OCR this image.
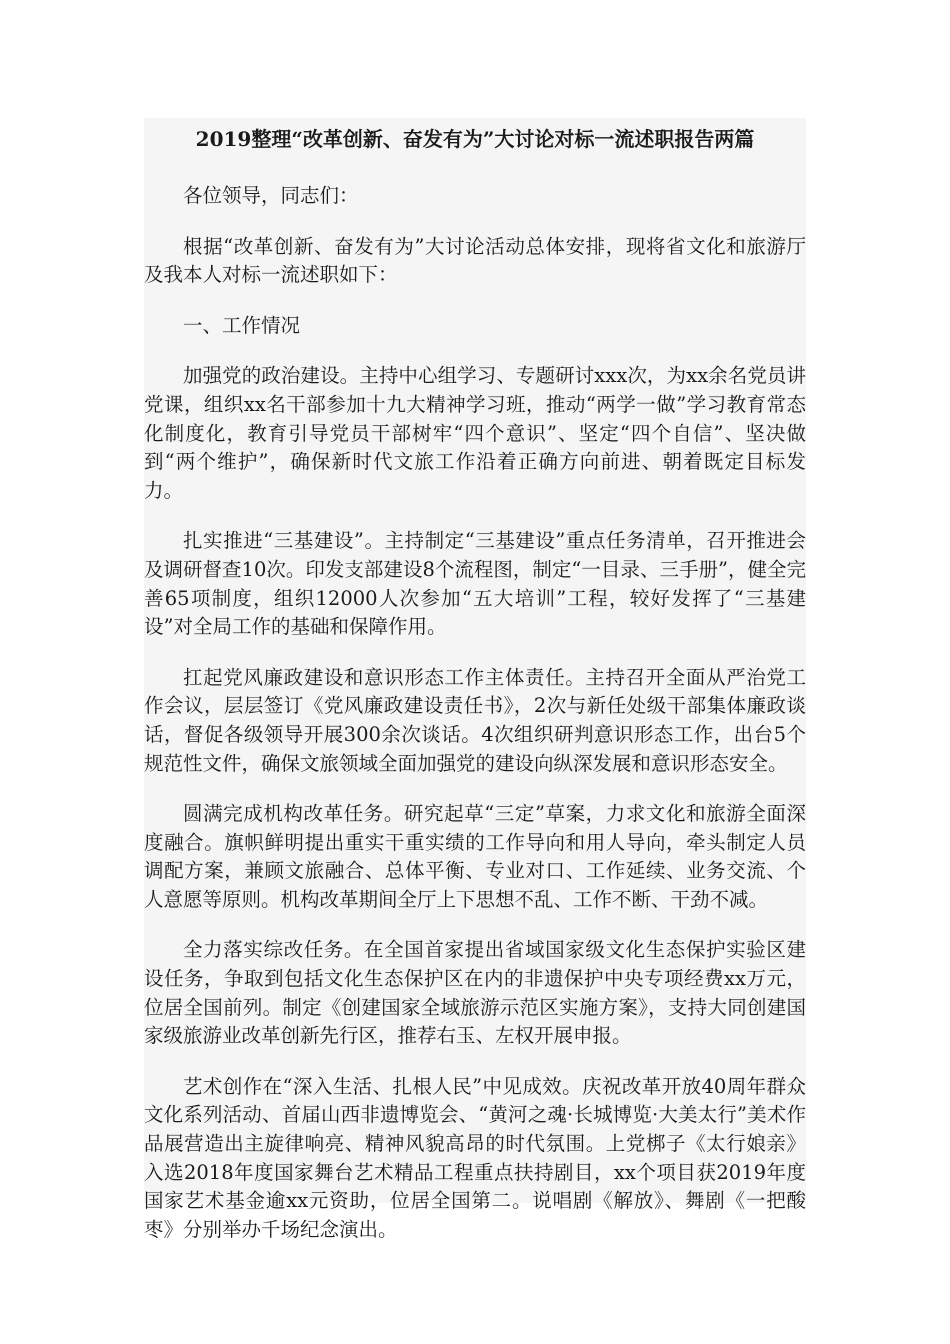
2019整理“改革创新、奋发有为”大讨论对标一流述职报告两篇

各位领导，同志们：

根据“改革创新、奋发有为”大讨论活动总体安排，现将省文化和旅游厅及我本人对标一流述职如下：

一、工作情况

加强党的政治建设。主持中心组学习、专题研讨xxx次，为xx余名党员讲党课，组织xx名干部参加十九大精神学习班，推动“两学一做”学习教育常态化制度化，教育引导党员干部树牢“四个意识”、坚定“四个自信”、坚决做到“两个维护”，确保新时代文旅工作沿着正确方向前进、朝着既定目标发力。

扎实推进“三基建设”。主持制定“三基建设”重点任务清单，召开推进会及调研督查10次。印发支部建设8个流程图，制定“一目录、三手册”，健全完善65项制度，组织12000人次参加“五大培训”工程，较好发挥了“三基建设”对全局工作的基础和保障作用。

扛起党风廉政建设和意识形态工作主体责任。主持召开全面从严治党工作会议，层层签订《党风廉政建设责任书》，2次与新任处级干部集体廉政谈话，督促各级领导开展300余次谈话。4次组织研判意识形态工作，出台5个规范性文件，确保文旅领域全面加强党的建设向纵深发展和意识形态安全。

圆满完成机构改革任务。研究起草“三定”草案，力求文化和旅游全面深度融合。旗帜鲜明提出重实干重实绩的工作导向和用人导向，牵头制定人员调配方案，兼顾文旅融合、总体平衡、专业对口、工作延续、业务交流、个人意愿等原则。机构改革期间全厅上下思想不乱、工作不断、干劲不减。

全力落实综改任务。在全国首家提出省域国家级文化生态保护实验区建设任务，争取到包括文化生态保护区在内的非遗保护中央专项经费xx万元，位居全国前列。制定《创建国家全域旅游示范区实施方案》，支持大同创建国家级旅游业改革创新先行区，推荐右玉、左权开展申报。

艺术创作在“深入生活、扎根人民”中见成效。庆祝改革开放40周年群众文化系列活动、首届山西非遗博览会、“黄河之魂·长城博览·大美太行”美术作品展营造出主旋律响亮、精神风貌高昂的时代氛围。上党梆子《太行娘亲》入选2018年度国家舞台艺术精品工程重点扶持剧目，xx个项目获2019年度国家艺术基金逾xx元资助，位居全国第二。说唱剧《解放》、舞剧《一把酸枣》分别举办千场纪念演出。
